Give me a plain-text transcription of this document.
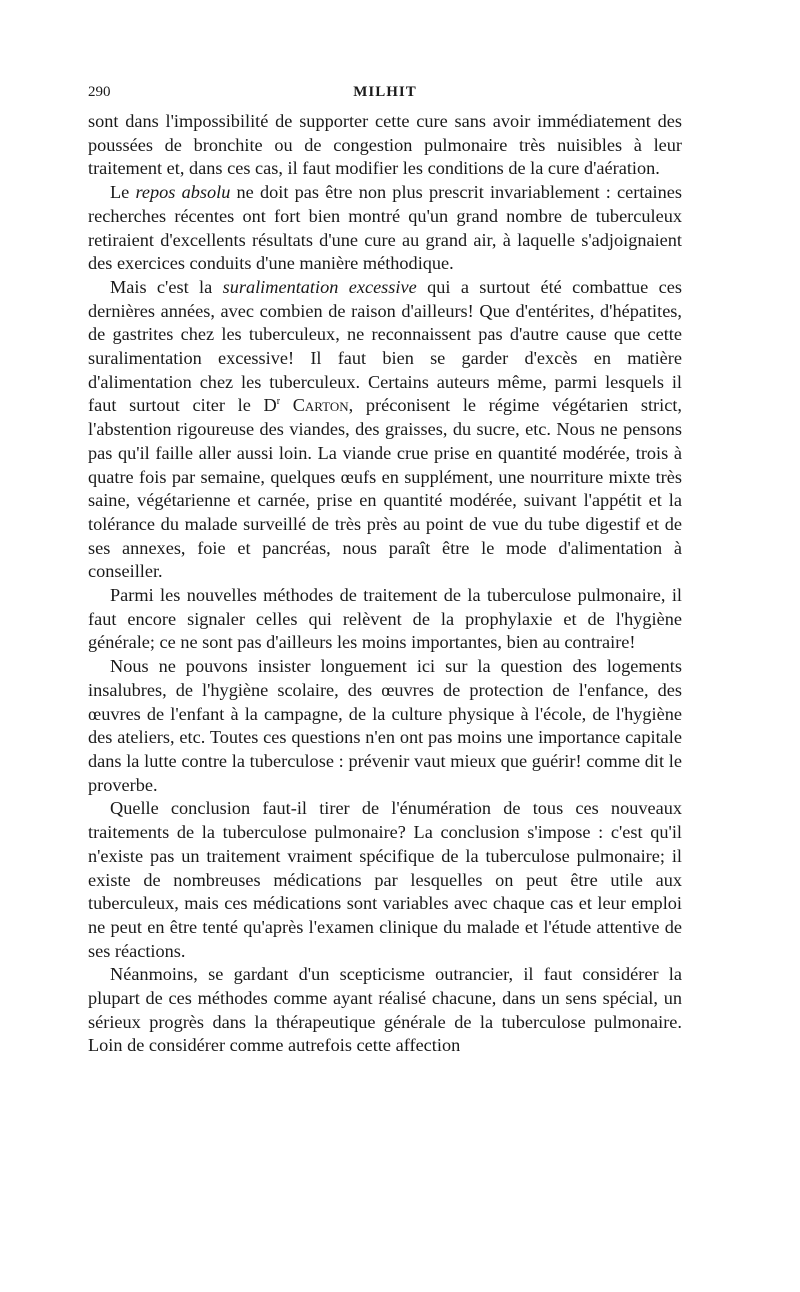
290	MILHIT

sont dans l'impossibilité de supporter cette cure sans avoir immédiatement des poussées de bronchite ou de congestion pulmonaire très nuisibles à leur traitement et, dans ces cas, il faut modifier les conditions de la cure d'aération.

Le repos absolu ne doit pas être non plus prescrit invariablement : certaines recherches récentes ont fort bien montré qu'un grand nombre de tuberculeux retiraient d'excellents résultats d'une cure au grand air, à laquelle s'adjoignaient des exercices conduits d'une manière méthodique.

Mais c'est la suralimentation excessive qui a surtout été combattue ces dernières années, avec combien de raison d'ailleurs! Que d'entérites, d'hépatites, de gastrites chez les tuberculeux, ne reconnaissent pas d'autre cause que cette suralimentation excessive! Il faut bien se garder d'excès en matière d'alimentation chez les tuberculeux. Certains auteurs même, parmi lesquels il faut surtout citer le $D^r$ Carton, préconisent le régime végétarien strict, l'abstention rigoureuse des viandes, des graisses, du sucre, etc. Nous ne pensons pas qu'il faille aller aussi loin. La viande crue prise en quantité modérée, trois à quatre fois par semaine, quelques œufs en supplément, une nourriture mixte très saine, végétarienne et carnée, prise en quantité modérée, suivant l'appétit et la tolérance du malade surveillé de très près au point de vue du tube digestif et de ses annexes, foie et pancréas, nous paraît être le mode d'alimentation à conseiller.

Parmi les nouvelles méthodes de traitement de la tuberculose pulmonaire, il faut encore signaler celles qui relèvent de la prophylaxie et de l'hygiène générale; ce ne sont pas d'ailleurs les moins importantes, bien au contraire!

Nous ne pouvons insister longuement ici sur la question des logements insalubres, de l'hygiène scolaire, des œuvres de protection de l'enfance, des œuvres de l'enfant à la campagne, de la culture physique à l'école, de l'hygiène des ateliers, etc. Toutes ces questions n'en ont pas moins une importance capitale dans la lutte contre la tuberculose : prévenir vaut mieux que guérir! comme dit le proverbe.

Quelle conclusion faut-il tirer de l'énumération de tous ces nouveaux traitements de la tuberculose pulmonaire? La conclusion s'impose : c'est qu'il n'existe pas un traitement vraiment spécifique de la tuberculose pulmonaire; il existe de nombreuses médications par lesquelles on peut être utile aux tuberculeux, mais ces médications sont variables avec chaque cas et leur emploi ne peut en être tenté qu'après l'examen clinique du malade et l'étude attentive de ses réactions.

Néanmoins, se gardant d'un scepticisme outrancier, il faut considérer la plupart de ces méthodes comme ayant réalisé chacune, dans un sens spécial, un sérieux progrès dans la thérapeutique générale de la tuberculose pulmonaire. Loin de considérer comme autrefois cette affection
